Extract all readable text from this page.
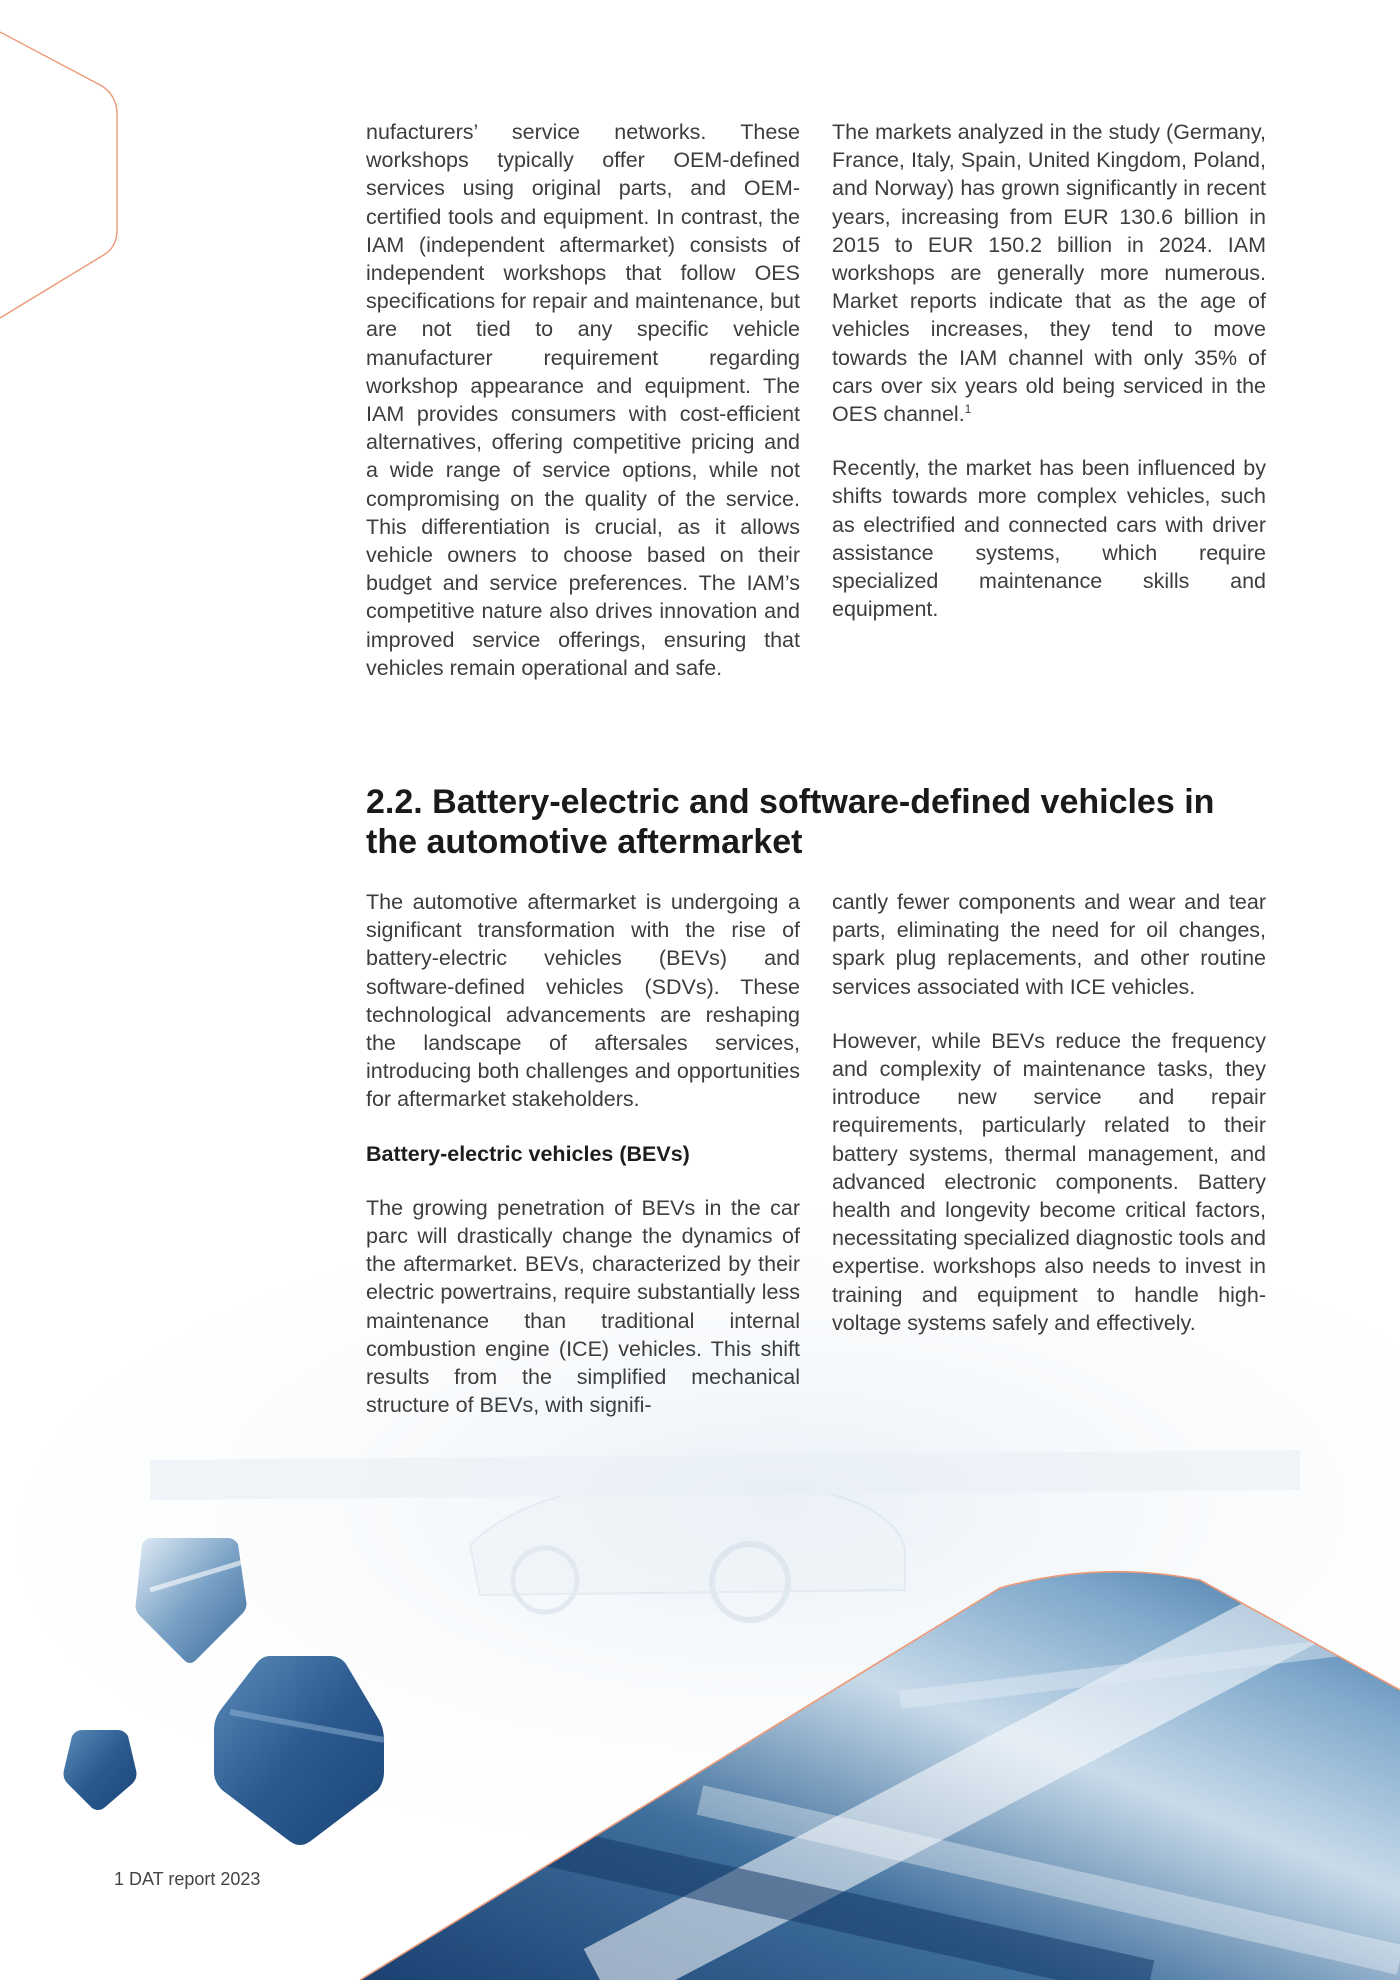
nufacturers’ service networks. These workshops typically offer OEM-defined services using original parts, and OEM-certified tools and equipment. In contrast, the IAM (independent aftermarket) consists of independent workshops that follow OES specifications for repair and maintenance, but are not tied to any specific vehicle manufacturer requirement regarding workshop appearance and equipment. The IAM provides consumers with cost-efficient alternatives, offering competitive pricing and a wide range of service options, while not compromising on the quality of the service. This differentiation is crucial, as it allows vehicle owners to choose based on their budget and service preferences. The IAM’s competitive nature also drives innovation and improved service offerings, ensuring that vehicles remain operational and safe.

The markets analyzed in the study (Germany, France, Italy, Spain, United Kingdom, Poland, and Norway) has grown significantly in recent years, increasing from EUR 130.6 billion in 2015 to EUR 150.2 billion in 2024. IAM workshops are generally more numerous. Market reports indicate that as the age of vehicles increases, they tend to move towards the IAM channel with only 35% of cars over six years old being serviced in the OES channel.$^1$

Recently, the market has been influenced by shifts towards more complex vehicles, such as electrified and connected cars with driver assistance systems, which require specialized maintenance skills and equipment.

2.2. Battery-electric and software-defined vehicles in the automotive aftermarket

The automotive aftermarket is undergoing a significant transformation with the rise of battery-electric vehicles (BEVs) and software-defined vehicles (SDVs). These technological advancements are reshaping the landscape of aftersales services, introducing both challenges and opportunities for aftermarket stakeholders.

Battery-electric vehicles (BEVs)

The growing penetration of BEVs in the car parc will drastically change the dynamics of the aftermarket. BEVs, characterized by their electric powertrains, require substantially less maintenance than traditional internal combustion engine (ICE) vehicles. This shift results from the simplified mechanical structure of BEVs, with signifi-

cantly fewer components and wear and tear parts, eliminating the need for oil changes, spark plug replacements, and other routine services associated with ICE vehicles.

However, while BEVs reduce the frequency and complexity of maintenance tasks, they introduce new service and repair requirements, particularly related to their battery systems, thermal management, and advanced electronic components. Battery health and longevity become critical factors, necessitating specialized diagnostic tools and expertise. workshops also needs to invest in training and equipment to handle high-voltage systems safely and effectively.

1 DAT report 2023
